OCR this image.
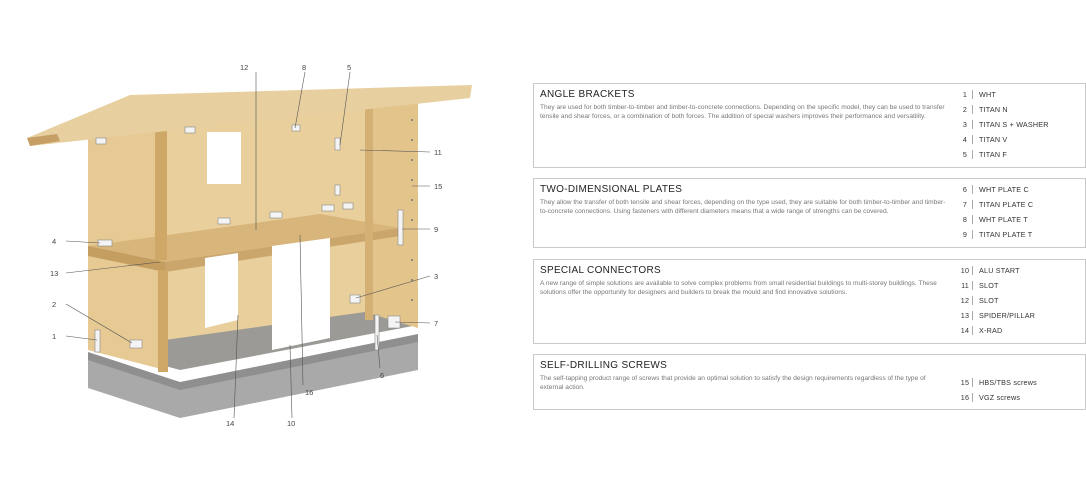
12	8	5
11
15
4
13
9
3
2
7
1
6
16
14	10
ANGLE BRACKETS
They are used for both timber-to-timber and timber-to-concrete connections. Depending on the specific model, they can be used to transfer tensile and shear forces, or a combination of both forces. The addition of special washers improves their performance and versatility.
1	WHT
2	TITAN N
3	TITAN S + WASHER
4	TITAN V
5	TITAN F
TWO-DIMENSIONAL PLATES
They allow the transfer of both tensile and shear forces, depending on the type used, they are suitable for both timber-to-timber and timber-to-concrete connections. Using fasteners with different diameters means that a wide range of strengths can be covered.
6	WHT PLATE C
7	TITAN PLATE C
8	WHT PLATE T
9	TITAN PLATE T
SPECIAL CONNECTORS
A new range of simple solutions are available to solve complex problems from small residential buildings to multi-storey buildings. These solutions offer the opportunity for designers and builders to break the mould and find innovative solutions.
10	ALU START
11	SLOT
12	SLOT
13	SPIDER/PILLAR
14	X-RAD
SELF-DRILLING SCREWS
The self-tapping product range of screws that provide an optimal solution to satisfy the design requirements regardless of the type of external action.
15	HBS/TBS screws
16	VGZ screws
